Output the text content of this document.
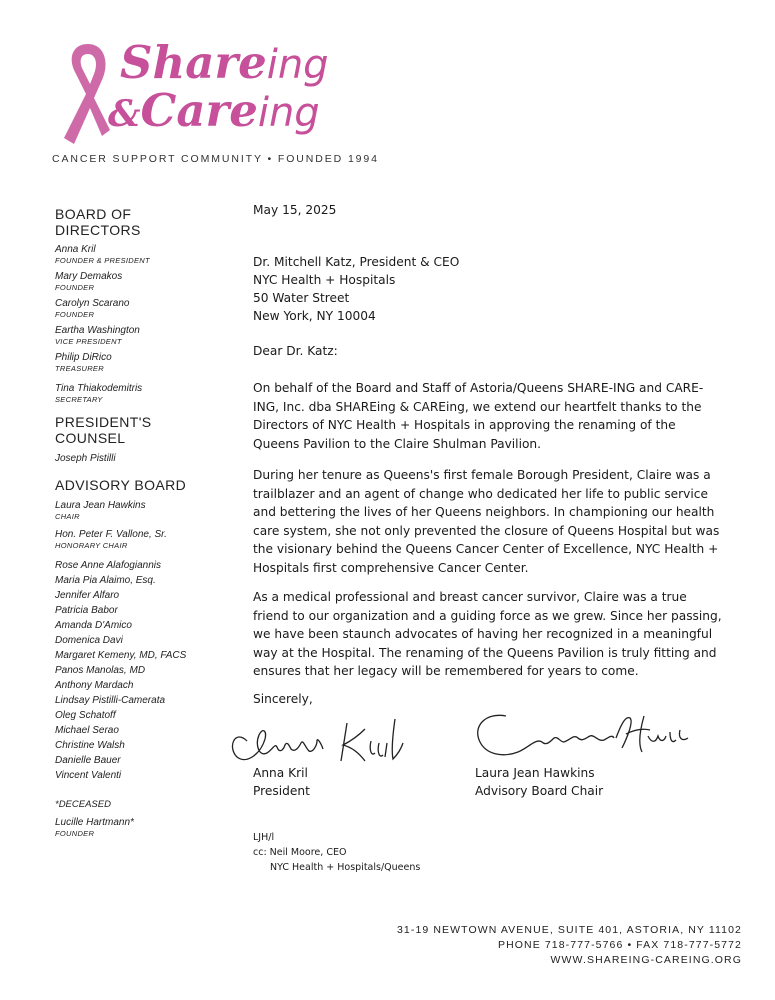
Shareing
&Careing
CANCER SUPPORT COMMUNITY • FOUNDED 1994
BOARD OF
DIRECTORS
Anna Kril
FOUNDER & PRESIDENT
Mary Demakos
FOUNDER
Carolyn Scarano
FOUNDER
Eartha Washington
VICE PRESIDENT
Philip DiRico
TREASURER
Tina Thiakodemitris
SECRETARY
PRESIDENT'S
COUNSEL
Joseph Pistilli
ADVISORY BOARD
Laura Jean Hawkins
CHAIR
Hon. Peter F. Vallone, Sr.
HONORARY CHAIR
Rose Anne Alafogiannis
Maria Pia Alaimo, Esq.
Jennifer Alfaro
Patricia Babor
Amanda D'Amico
Domenica Davi
Margaret Kemeny, MD, FACS
Panos Manolas, MD
Anthony Mardach
Lindsay Pistilli-Camerata
Oleg Schatoff
Michael Serao
Christine Walsh
Danielle Bauer
Vincent Valenti
*DECEASED
Lucille Hartmann*
FOUNDER
May 15, 2025
Dr. Mitchell Katz, President & CEO
NYC Health + Hospitals
50 Water Street
New York, NY 10004
Dear Dr. Katz:
On behalf of the Board and Staff of Astoria/Queens SHARE-ING and CARE-
ING, Inc. dba SHAREing & CAREing, we extend our heartfelt thanks to the
Directors of NYC Health + Hospitals in approving the renaming of the
Queens Pavilion to the Claire Shulman Pavilion.
During her tenure as Queens's first female Borough President, Claire was a
trailblazer and an agent of change who dedicated her life to public service
and bettering the lives of her Queens neighbors. In championing our health
care system, she not only prevented the closure of Queens Hospital but was
the visionary behind the Queens Cancer Center of Excellence, NYC Health +
Hospitals first comprehensive Cancer Center.
As a medical professional and breast cancer survivor, Claire was a true
friend to our organization and a guiding force as we grew. Since her passing,
we have been staunch advocates of having her recognized in a meaningful
way at the Hospital. The renaming of the Queens Pavilion is truly fitting and
ensures that her legacy will be remembered for years to come.
Sincerely,
Anna Kril
President
Laura Jean Hawkins
Advisory Board Chair
LJH/l
cc: Neil Moore, CEO
NYC Health + Hospitals/Queens
31-19 NEWTOWN AVENUE, SUITE 401, ASTORIA, NY 11102
PHONE 718-777-5766 • FAX 718-777-5772
WWW.SHAREING-CAREING.ORG
